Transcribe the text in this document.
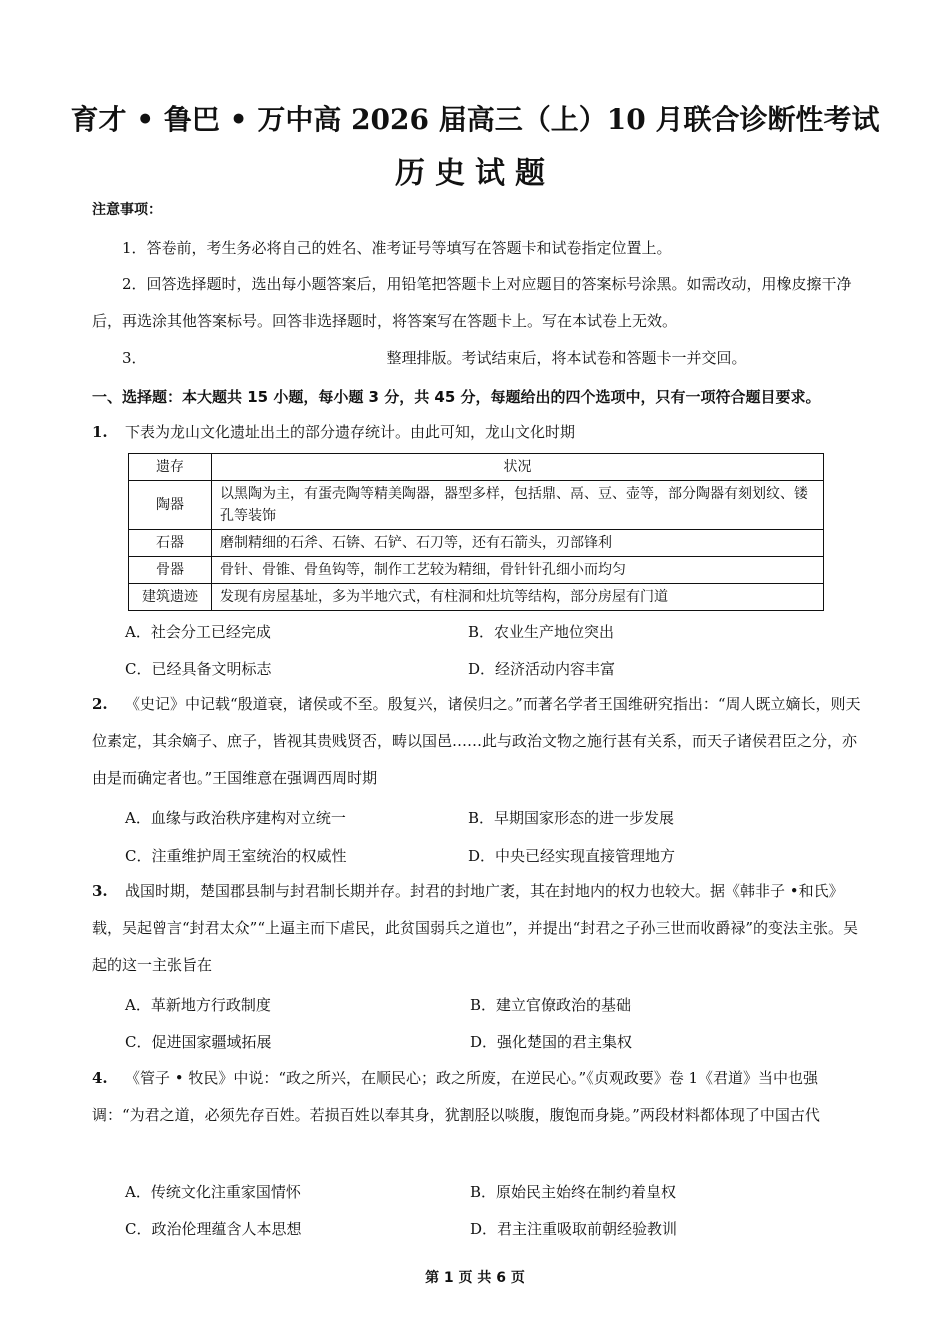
育才 • 鲁巴 • 万中高 2026 届高三（上）10 月联合诊断性考试
历史试题
注意事项：
1．答卷前，考生务必将自己的姓名、准考证号等填写在答题卡和试卷指定位置上。
2．回答选择题时，选出每小题答案后，用铅笔把答题卡上对应题目的答案标号涂黑。如需改动，用橡皮擦干净后，再选涂其他答案标号。回答非选择题时，将答案写在答题卡上。写在本试卷上无效。
3．	整理排版。考试结束后，将本试卷和答题卡一并交回。
一、选择题：本大题共 15 小题，每小题 3 分，共 45 分，每题给出的四个选项中，只有一项符合题目要求。
1. 下表为龙山文化遗址出土的部分遗存统计。由此可知，龙山文化时期
遗存	状况
陶器	以黑陶为主，有蛋壳陶等精美陶器，器型多样，包括鼎、鬲、豆、壶等，部分陶器有刻划纹、镂孔等装饰
石器	磨制精细的石斧、石锛、石铲、石刀等，还有石箭头，刃部锋利
骨器	骨针、骨锥、骨鱼钩等，制作工艺较为精细，骨针针孔细小而均匀
建筑遗迹	发现有房屋基址，多为半地穴式，有柱洞和灶坑等结构，部分房屋有门道
A．社会分工已经完成	B．农业生产地位突出
C．已经具备文明标志	D．经济活动内容丰富
2. 《史记》中记载“殷道衰，诸侯或不至。殷复兴，诸侯归之。”而著名学者王国维研究指出：“周人既立嫡长，则天位素定，其余嫡子、庶子，皆视其贵贱贤否，畴以国邑……此与政治文物之施行甚有关系，而天子诸侯君臣之分，亦由是而确定者也。”王国维意在强调西周时期
A．血缘与政治秩序建构对立统一	B．早期国家形态的进一步发展
C．注重维护周王室统治的权威性	D．中央已经实现直接管理地方
3. 战国时期，楚国郡县制与封君制长期并存。封君的封地广袤，其在封地内的权力也较大。据《韩非子 •和氏》载，吴起曾言“封君太众”“上逼主而下虐民，此贫国弱兵之道也”，并提出“封君之子孙三世而收爵禄”的变法主张。吴起的这一主张旨在
A．革新地方行政制度	B．建立官僚政治的基础
C．促进国家疆域拓展	D．强化楚国的君主集权
4. 《管子 • 牧民》中说：“政之所兴，在顺民心；政之所废，在逆民心。”《贞观政要》卷 1《君道》当中也强调：“为君之道，必须先存百姓。若损百姓以奉其身，犹割胫以啖腹，腹饱而身毙。”两段材料都体现了中国古代
A．传统文化注重家国情怀	B．原始民主始终在制约着皇权
C．政治伦理蕴含人本思想	D．君主注重吸取前朝经验教训
第 1 页 共 6 页
